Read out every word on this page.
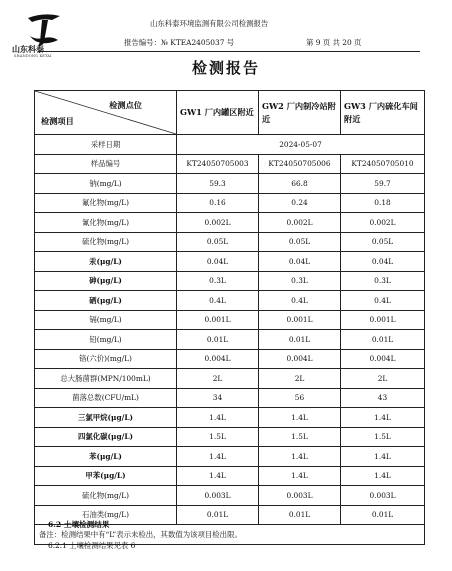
山东科泰
SHANDONG KETAI
山东科泰环境监测有限公司检测报告
报告编号：№ KTEA2405037 号	第 9 页 共 20 页
检测报告
检测点位
检测项目	GW1 厂内罐区附近	GW2 厂内制冷站附近	GW3 厂内硫化车间附近
采样日期	2024-05-07		
样品编号	KT24050705003	KT24050705006	KT24050705010
钠(mg/L)	59.3	66.8	59.7
氟化物(mg/L)	0.16	0.24	0.18
氰化物(mg/L)	0.002L	0.002L	0.002L
硫化物(mg/L)	0.05L	0.05L	0.05L
汞(μg/L)	0.04L	0.04L	0.04L
砷(μg/L)	0.3L	0.3L	0.3L
硒(μg/L)	0.4L	0.4L	0.4L
镉(mg/L)	0.001L	0.001L	0.001L
铅(mg/L)	0.01L	0.01L	0.01L
铬(六价)(mg/L)	0.004L	0.004L	0.004L
总大肠菌群(MPN/100mL)	2L	2L	2L
菌落总数(CFU/mL)	34	56	43
三氯甲烷(μg/L)	1.4L	1.4L	1.4L
四氯化碳(μg/L)	1.5L	1.5L	1.5L
苯(μg/L)	1.4L	1.4L	1.4L
甲苯(μg/L)	1.4L	1.4L	1.4L
硫化物(mg/L)	0.003L	0.003L	0.003L
石油类(mg/L)	0.01L	0.01L	0.01L
备注：检测结果中有“L”表示未检出，其数值为该项目检出限。			
6.2 土壤检测结果
6.2.1 土壤检测结果见表 6
